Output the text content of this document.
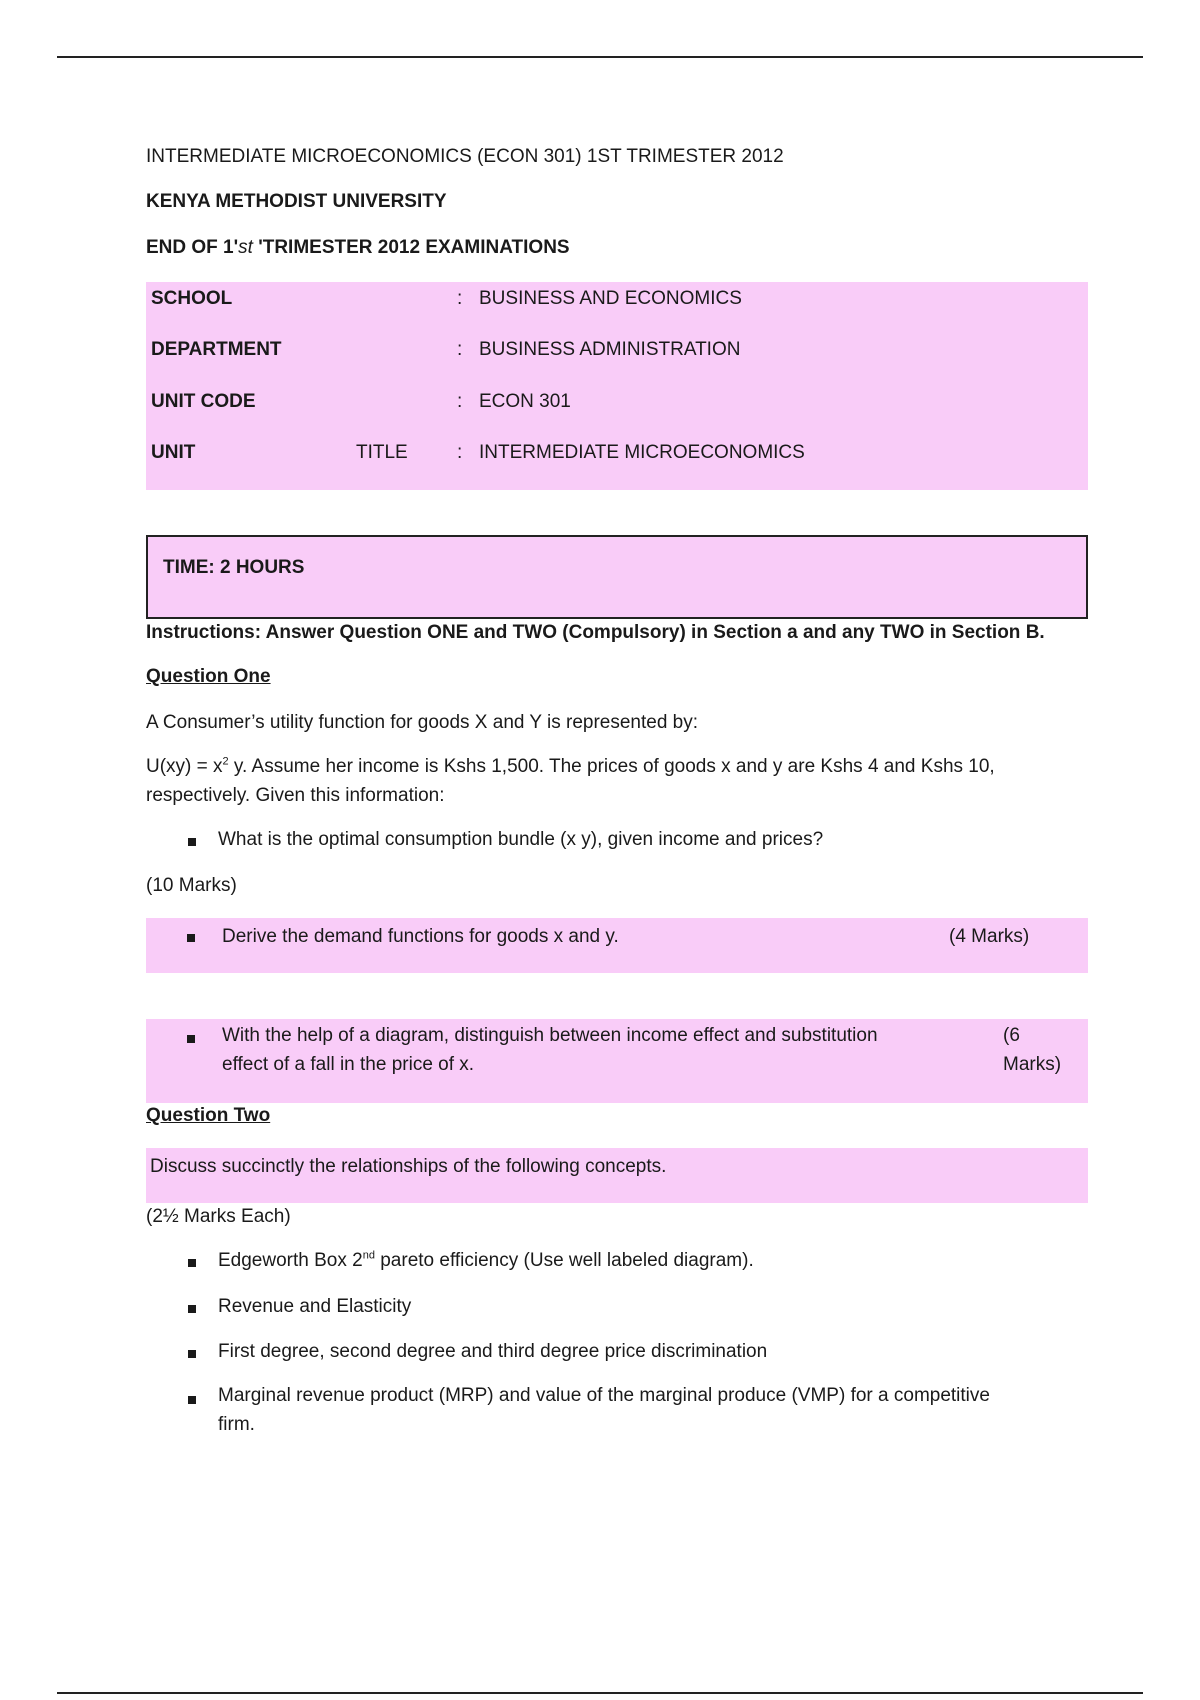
INTERMEDIATE MICROECONOMICS (ECON 301) 1ST TRIMESTER 2012
KENYA METHODIST UNIVERSITY
END OF 1'st 'TRIMESTER 2012 EXAMINATIONS
SCHOOL	: BUSINESS AND ECONOMICS
DEPARTMENT	: BUSINESS ADMINISTRATION
UNIT CODE	: ECON 301
UNIT	TITLE	: INTERMEDIATE MICROECONOMICS
TIME: 2 HOURS
Instructions: Answer Question ONE and TWO (Compulsory) in Section a and any TWO in Section B.
Question One
A Consumer’s utility function for goods X and Y is represented by:
$U(xy) = x^2$ y. Assume her income is Kshs 1,500. The prices of goods x and y are Kshs 4 and Kshs 10,
respectively. Given this information:
What is the optimal consumption bundle (x y), given income and prices?
(10 Marks)
Derive the demand functions for goods x and y.	(4 Marks)
With the help of a diagram, distinguish between income effect and substitution
effect of a fall in the price of x.
(6
Marks)
Question Two
Discuss succinctly the relationships of the following concepts.
(2½ Marks Each)
Edgeworth Box 2nd pareto efficiency (Use well labeled diagram).
Revenue and Elasticity
First degree, second degree and third degree price discrimination
Marginal revenue product (MRP) and value of the marginal produce (VMP) for a competitive
firm.
